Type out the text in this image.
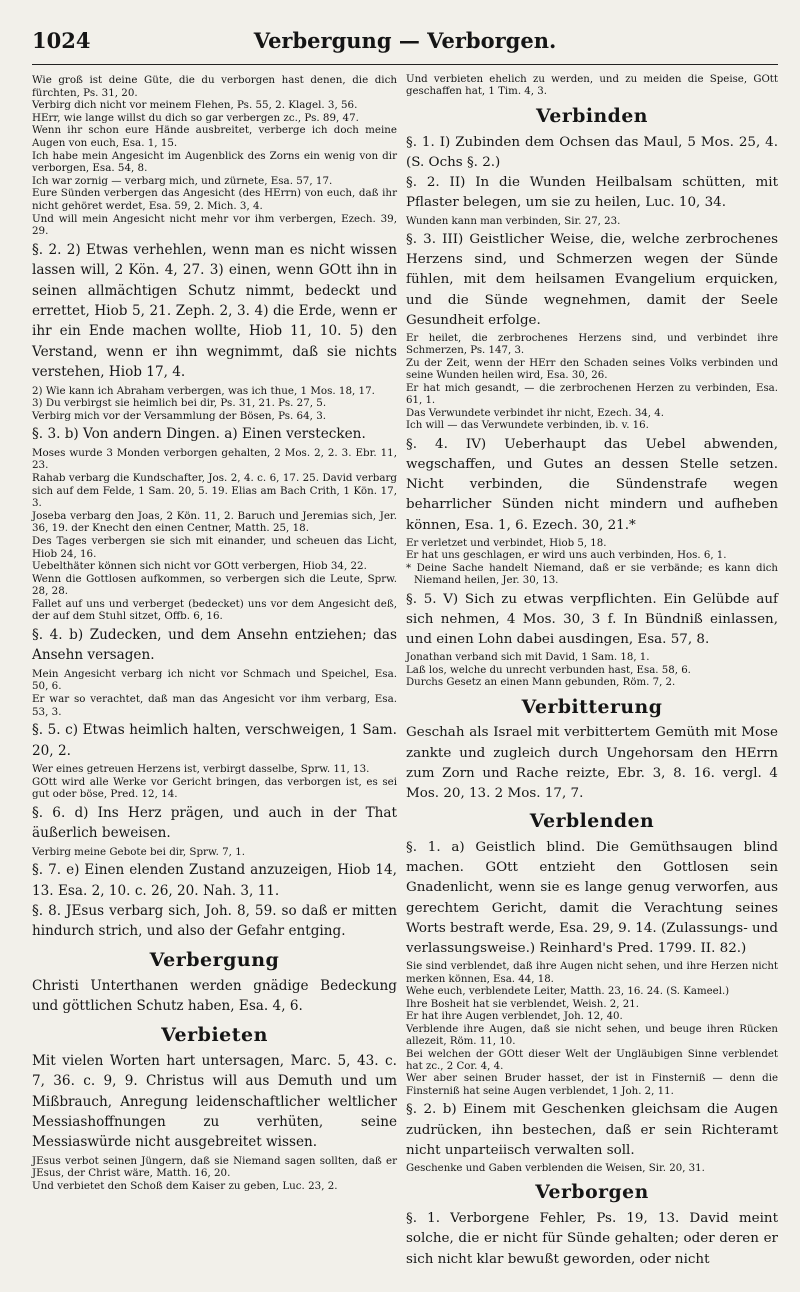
1024	Verbergung — Verborgen.

Wie groß ist deine Güte, die du verborgen hast denen, die dich fürchten, Ps. 31, 20.

Verbirg dich nicht vor meinem Flehen, Ps. 55, 2. Klagel. 3, 56.

HErr, wie lange willst du dich so gar verbergen zc., Ps. 89, 47.

Wenn ihr schon eure Hände ausbreitet, verberge ich doch meine Augen von euch, Esa. 1, 15.

Ich habe mein Angesicht im Augenblick des Zorns ein wenig von dir verborgen, Esa. 54, 8.

Ich war zornig — verbarg mich, und zürnete, Esa. 57, 17.

Eure Sünden verbergen das Angesicht (des HErrn) von euch, daß ihr nicht gehöret werdet, Esa. 59, 2. Mich. 3, 4.

Und will mein Angesicht nicht mehr vor ihm verbergen, Ezech. 39, 29.

§. 2. 2) Etwas verhehlen, wenn man es nicht wissen lassen will, 2 Kön. 4, 27. 3) einen, wenn GOtt ihn in seinen allmächtigen Schutz nimmt, bedeckt und errettet, Hiob 5, 21. Zeph. 2, 3. 4) die Erde, wenn er ihr ein Ende machen wollte, Hiob 11, 10. 5) den Verstand, wenn er ihn wegnimmt, daß sie nichts verstehen, Hiob 17, 4.

2) Wie kann ich Abraham verbergen, was ich thue, 1 Mos. 18, 17.

3) Du verbirgst sie heimlich bei dir, Ps. 31, 21. Ps. 27, 5.

Verbirg mich vor der Versammlung der Bösen, Ps. 64, 3.

§. 3. b) Von andern Dingen. a) Einen verstecken.

Moses wurde 3 Monden verborgen gehalten, 2 Mos. 2, 2. 3. Ebr. 11, 23.

Rahab verbarg die Kundschafter, Jos. 2, 4. c. 6, 17. 25. David verbarg sich auf dem Felde, 1 Sam. 20, 5. 19. Elias am Bach Crith, 1 Kön. 17, 3.

Joseba verbarg den Joas, 2 Kön. 11, 2. Baruch und Jeremias sich, Jer. 36, 19. der Knecht den einen Centner, Matth. 25, 18.

Des Tages verbergen sie sich mit einander, und scheuen das Licht, Hiob 24, 16.

Uebelthäter können sich nicht vor GOtt verbergen, Hiob 34, 22.

Wenn die Gottlosen aufkommen, so verbergen sich die Leute, Sprw. 28, 28.

Fallet auf uns und verberget (bedecket) uns vor dem Angesicht deß, der auf dem Stuhl sitzet, Offb. 6, 16.

§. 4. b) Zudecken, und dem Ansehn entziehen; das Ansehn versagen.

Mein Angesicht verbarg ich nicht vor Schmach und Speichel, Esa. 50, 6.

Er war so verachtet, daß man das Angesicht vor ihm verbarg, Esa. 53, 3.

§. 5. c) Etwas heimlich halten, verschweigen, 1 Sam. 20, 2.

Wer eines getreuen Herzens ist, verbirgt dasselbe, Sprw. 11, 13.

GOtt wird alle Werke vor Gericht bringen, das verborgen ist, es sei gut oder böse, Pred. 12, 14.

§. 6. d) Ins Herz prägen, und auch in der That äußerlich beweisen.

Verbirg meine Gebote bei dir, Sprw. 7, 1.

§. 7. e) Einen elenden Zustand anzuzeigen, Hiob 14, 13. Esa. 2, 10. c. 26, 20. Nah. 3, 11.

§. 8. JEsus verbarg sich, Joh. 8, 59. so daß er mitten hindurch strich, und also der Gefahr entging.

Verbergung

Christi Unterthanen werden gnädige Bedeckung und göttlichen Schutz haben, Esa. 4, 6.

Verbieten

Mit vielen Worten hart untersagen, Marc. 5, 43. c. 7, 36. c. 9, 9. Christus will aus Demuth und um Mißbrauch, Anregung leidenschaftlicher weltlicher Messiashoffnungen zu verhüten, seine Messiaswürde nicht ausgebreitet wissen.

JEsus verbot seinen Jüngern, daß sie Niemand sagen sollten, daß er JEsus, der Christ wäre, Matth. 16, 20.

Und verbietet den Schoß dem Kaiser zu geben, Luc. 23, 2.

Und verbieten ehelich zu werden, und zu meiden die Speise, GOtt geschaffen hat, 1 Tim. 4, 3.

Verbinden

§. 1. I) Zubinden dem Ochsen das Maul, 5 Mos. 25, 4. (S. Ochs §. 2.)

§. 2. II) In die Wunden Heilbalsam schütten, mit Pflaster belegen, um sie zu heilen, Luc. 10, 34.

Wunden kann man verbinden, Sir. 27, 23.

§. 3. III) Geistlicher Weise, die, welche zerbrochenes Herzens sind, und Schmerzen wegen der Sünde fühlen, mit dem heilsamen Evangelium erquicken, und die Sünde wegnehmen, damit der Seele Gesundheit erfolge.

Er heilet, die zerbrochenes Herzens sind, und verbindet ihre Schmerzen, Ps. 147, 3.

Zu der Zeit, wenn der HErr den Schaden seines Volks verbinden und seine Wunden heilen wird, Esa. 30, 26.

Er hat mich gesandt, — die zerbrochenen Herzen zu verbinden, Esa. 61, 1.

Das Verwundete verbindet ihr nicht, Ezech. 34, 4.

Ich will — das Verwundete verbinden, ib. v. 16.

§. 4. IV) Ueberhaupt das Uebel abwenden, wegschaffen, und Gutes an dessen Stelle setzen. Nicht verbinden, die Sündenstrafe wegen beharrlicher Sünden nicht mindern und aufheben können, Esa. 1, 6. Ezech. 30, 21.*

Er verletzet und verbindet, Hiob 5, 18.

Er hat uns geschlagen, er wird uns auch verbinden, Hos. 6, 1.

* Deine Sache handelt Niemand, daß er sie verbände; es kann dich Niemand heilen, Jer. 30, 13.

§. 5. V) Sich zu etwas verpflichten. Ein Gelübde auf sich nehmen, 4 Mos. 30, 3 f. In Bündniß einlassen, und einen Lohn dabei ausdingen, Esa. 57, 8.

Jonathan verband sich mit David, 1 Sam. 18, 1.

Laß los, welche du unrecht verbunden hast, Esa. 58, 6.

Durchs Gesetz an einen Mann gebunden, Röm. 7, 2.

Verbitterung

Geschah als Israel mit verbittertem Gemüth mit Mose zankte und zugleich durch Ungehorsam den HErrn zum Zorn und Rache reizte, Ebr. 3, 8. 16. vergl. 4 Mos. 20, 13. 2 Mos. 17, 7.

Verblenden

§. 1. a) Geistlich blind. Die Gemüthsaugen blind machen. GOtt entzieht den Gottlosen sein Gnadenlicht, wenn sie es lange genug verworfen, aus gerechtem Gericht, damit die Verachtung seines Worts bestraft werde, Esa. 29, 9. 14. (Zulassungs- und verlassungsweise.) Reinhard's Pred. 1799. II. 82.)

Sie sind verblendet, daß ihre Augen nicht sehen, und ihre Herzen nicht merken können, Esa. 44, 18.

Wehe euch, verblendete Leiter, Matth. 23, 16. 24. (S. Kameel.)

Ihre Bosheit hat sie verblendet, Weish. 2, 21.

Er hat ihre Augen verblendet, Joh. 12, 40.

Verblende ihre Augen, daß sie nicht sehen, und beuge ihren Rücken allezeit, Röm. 11, 10.

Bei welchen der GOtt dieser Welt der Ungläubigen Sinne verblendet hat zc., 2 Cor. 4, 4.

Wer aber seinen Bruder hasset, der ist in Finsterniß — denn die Finsterniß hat seine Augen verblendet, 1 Joh. 2, 11.

§. 2. b) Einem mit Geschenken gleichsam die Augen zudrücken, ihn bestechen, daß er sein Richteramt nicht unparteiisch verwalten soll.

Geschenke und Gaben verblenden die Weisen, Sir. 20, 31.

Verborgen

§. 1. Verborgene Fehler, Ps. 19, 13. David meint solche, die er nicht für Sünde gehalten; oder deren er sich nicht klar bewußt geworden, oder nicht
